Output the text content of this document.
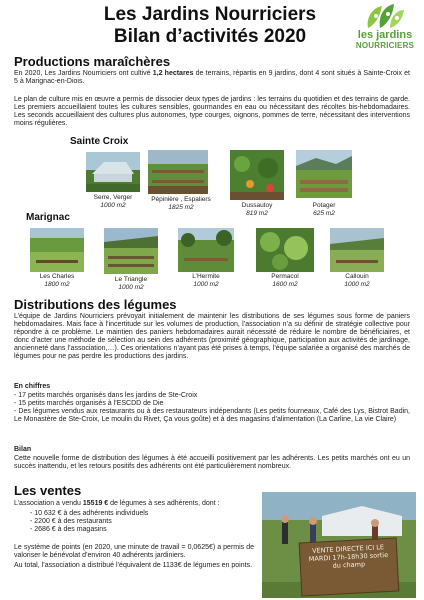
Les Jardins Nourriciers
Bilan d’activités 2020	les jardins
NOURRICIERS
Productions maraîchères
En 2020, Les Jardins Nourriciers ont cultivé 1,2 hectares de terrains, répartis en 9 jardins, dont 4 sont situés à Sainte-Croix et 5 à Marignac-en-Diois.
Le plan de culture mis en œuvre a permis de dissocier deux types de jardins : les terrains du quotidien et des terrains de garde. Les premiers accueillaient toutes les cultures sensibles, gourmandes en eau ou nécessitant des récoltes bis-hebdomadaires. Les seconds accueillaient des cultures plus autonomes, type courges, oignons, pommes de terre, nécessitant des interventions moins régulières.
Sainte Croix
Serre, Verger
1000 m2
Pépinière , Espaliers
1825 m2	Dussautoy
819 m2
Potager
625 m2
Marignac
Les Charles
1800 m2
Le Triangle
1000 m2
L’Hermite
1000 m2
Permacol
1600 m2
Callouin
1000 m2
Distributions des légumes
L’équipe de Jardins Nourriciers prévoyait initialement de maintenir les distributions de ses légumes sous forme de paniers hebdomadaires. Mais face à l’incertitude sur les volumes de production, l’association n’a su définir de stratégie collective pour répondre à ce problème. Le maintien des paniers hebdomadaires aurait nécessité de réduire le nombre de bénéficiaires, et donc d’acter une méthode de sélection au sein des adhérents (proximité géographique, participation aux activités de jardinage, ancienneté dans l’association,…). Ces orientations n’ayant pas été prises à temps, l’équipe salariée a organisé des marchés de légumes pour ne pas perdre les productions des jardins.
En chiffres
- 17 petits marchés organisés dans les jardins de Ste-Croix
- 15 petits marchés organisés à l’ESCDD de Die
- Des légumes vendus aux restaurants ou à des restaurateurs indépendants (Les petits fourneaux, Café des Lys, Bistrot Badin, Le Monastère de Ste-Croix, Le moulin du Rivet, Ça vous goûte) et à des magasins d’alimentation (La Carline, La vie Claire)
Bilan
Cette nouvelle forme de distribution des légumes à été accueilli positivement par les adhérents. Les petits marchés ont eu un succès inattendu, et les retours positifs des adhérents ont été particulièrement nombreux.
Les ventes
L’association a vendu 15519 € de légumes à ses adhérents, dont :
- 10 632 € à des adhérents individuels
- 2200 € à des restaurants
- 2686 € à des magasins
Le système de points (en 2020, une minute de travail = 0,0625€) a permis de valoriser le bénévolat d’environ 40 adhérents jardiniers.
Au total, l’association a distribué l’équivalent de 1133€ de légumes en points.
VENTE DIRECTE ICI LE MARDI 17h-18h30 sortie du champ
